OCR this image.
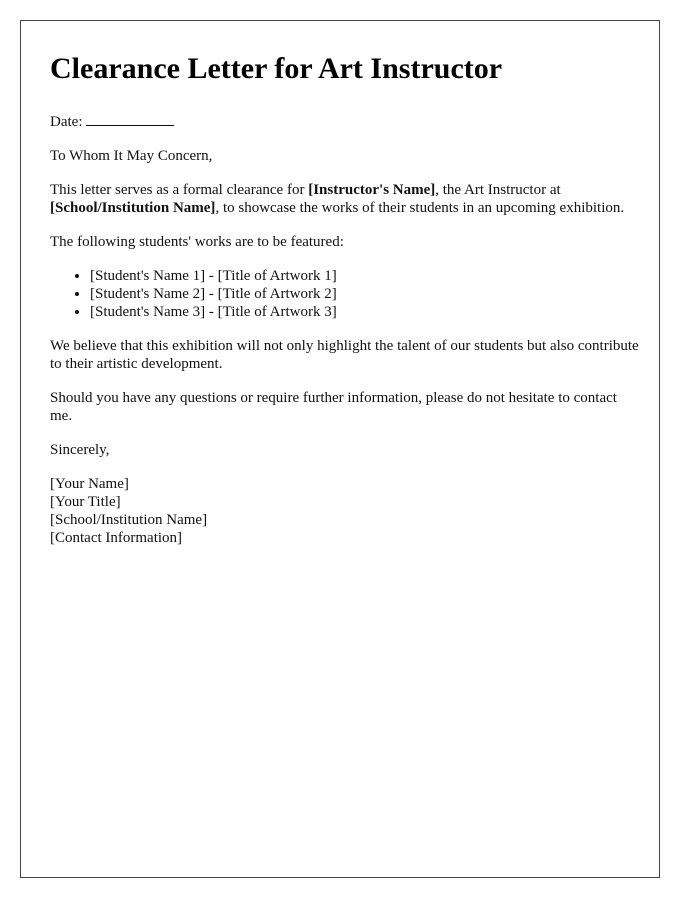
Clearance Letter for Art Instructor

Date:

To Whom It May Concern,

This letter serves as a formal clearance for [Instructor's Name], the Art Instructor at [School/Institution Name], to showcase the works of their students in an upcoming exhibition.

The following students' works are to be featured:

• [Student's Name 1] - [Title of Artwork 1]
• [Student's Name 2] - [Title of Artwork 2]
• [Student's Name 3] - [Title of Artwork 3]

We believe that this exhibition will not only highlight the talent of our students but also contribute to their artistic development.

Should you have any questions or require further information, please do not hesitate to contact me.

Sincerely,

[Your Name]
[Your Title]
[School/Institution Name]
[Contact Information]
